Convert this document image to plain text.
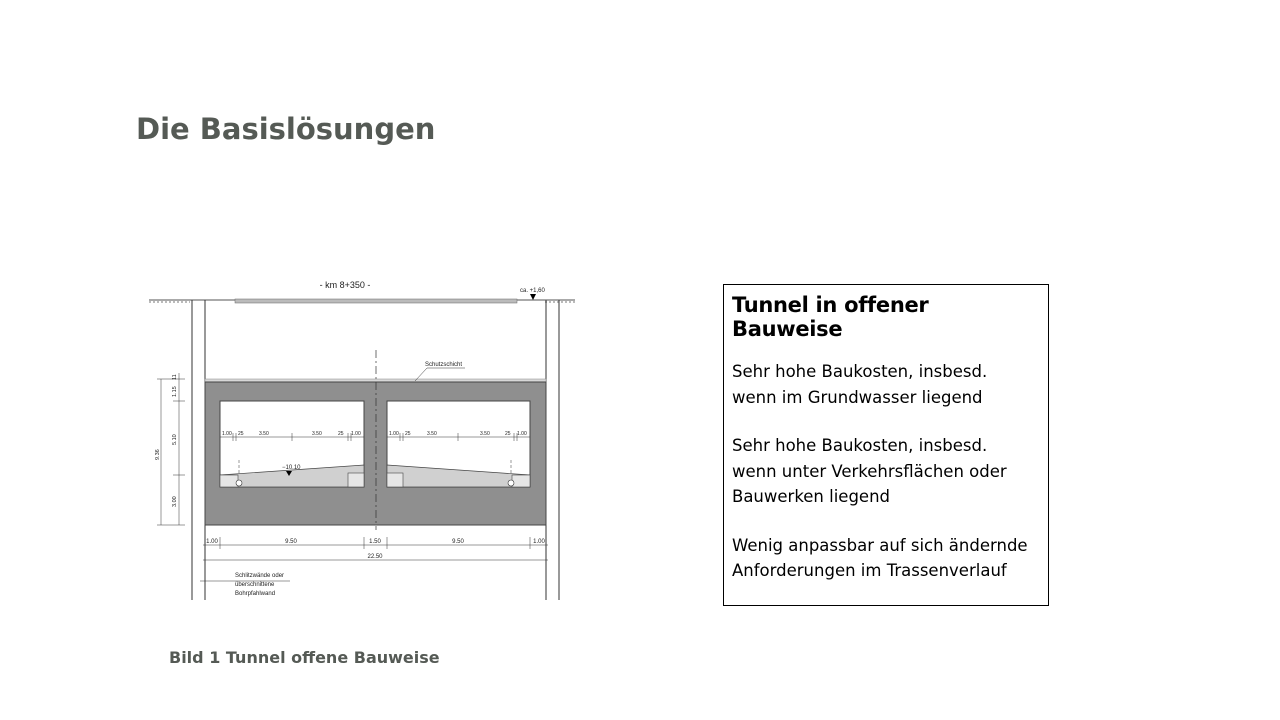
Die Basislösungen
- km 8+350 -
ca. +1,60
Schutzschicht
−10.10
1.00 25	3.50	3.50	25 1.00	1.00 25	3.50	3.50	25 1.00
11
1.15
5.10
9.36
3.00
1.00	9.50	1.50	9.50	1.00
22.50
Schlitzwände oder
überschnittene
Bohrpfahlwand
Bild 1 Tunnel offene Bauweise
Tunnel in offener Bauweise

Sehr hohe Baukosten, insbesd.
wenn im Grundwasser liegend

Sehr hohe Baukosten, insbesd.
wenn unter Verkehrsflächen oder
Bauwerken liegend

Wenig anpassbar auf sich ändernde
Anforderungen im Trassenverlauf
